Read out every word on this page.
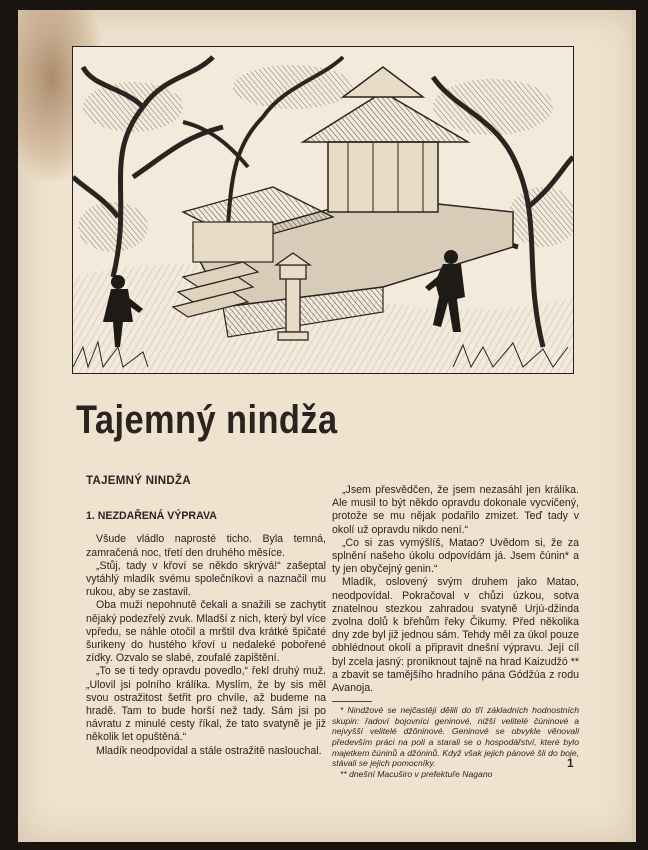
Tajemný nindža
TAJEMNÝ NINDŽA
1. NEZDAŘENÁ VÝPRAVA

Všude vládlo naprosté ticho. Byla temná, zamračená noc, třetí den druhého měsíce.

„Stůj, tady v křoví se někdo skrývá!“ zašeptal vytáhlý mladík svému společníkovi a naznačil mu rukou, aby se zastavil.

Oba muži nepohnutě čekali a snažili se zachytit nějaký podezřelý zvuk. Mladší z nich, který byl více vpředu, se náhle otočil a mrštil dva krátké špičaté šurikeny do hustého křoví u nedaleké pobořené zídky. Ozvalo se slabé, zoufalé zapištění.

„To se ti tedy opravdu povedlo,“ řekl druhý muž. „Ulovil jsi polního králíka. Myslím, že by sis měl svou ostražitost šetřit pro chvíle, až budeme na hradě. Tam to bude horší než tady. Sám jsi po návratu z minulé cesty říkal, že tato svatyně je již několik let opuštěná.“

Mladík neodpovídal a stále ostražitě naslouchal.

„Jsem přesvědčen, že jsem nezasáhl jen králíka. Ale musil to být někdo opravdu dokonale vycvičený, protože se mu nějak podařilo zmizet. Teď tady v okolí už opravdu nikdo není.“

„Co si zas vymýšlíš, Matao? Uvědom si, že za splnění našeho úkolu odpovídám já. Jsem čúnin* a ty jen obyčejný genin.“

Mladík, oslovený svým druhem jako Matao, neodpovídal. Pokračoval v chůzi úzkou, sotva znatelnou stezkou zahradou svatyně Urjú-džinda zvolna dolů k břehům řeky Čikumy. Před několika dny zde byl již jednou sám. Tehdy měl za úkol pouze obhlédnout okolí a připravit dnešní výpravu. Její cíl byl zcela jasný: proniknout tajně na hrad Kaizudžó ** a zbavit se tamějšího hradního pána Gódžúa z rodu Avanoja.

* Nindžové se nejčastěji dělili do tří základních hodnostních skupin: řadoví bojovníci geninové, nižší velitelé čúninové a nejvyšší velitelé džôninové. Geninové se obvykle věnovali především práci na poli a starali se o hospodářství, které bylo majetkem čúninů a džóninů. Když však jejich pánové šli do boje, stávali se jejich pomocníky.

** dnešní Macuširo v prefektuře Nagano

1
